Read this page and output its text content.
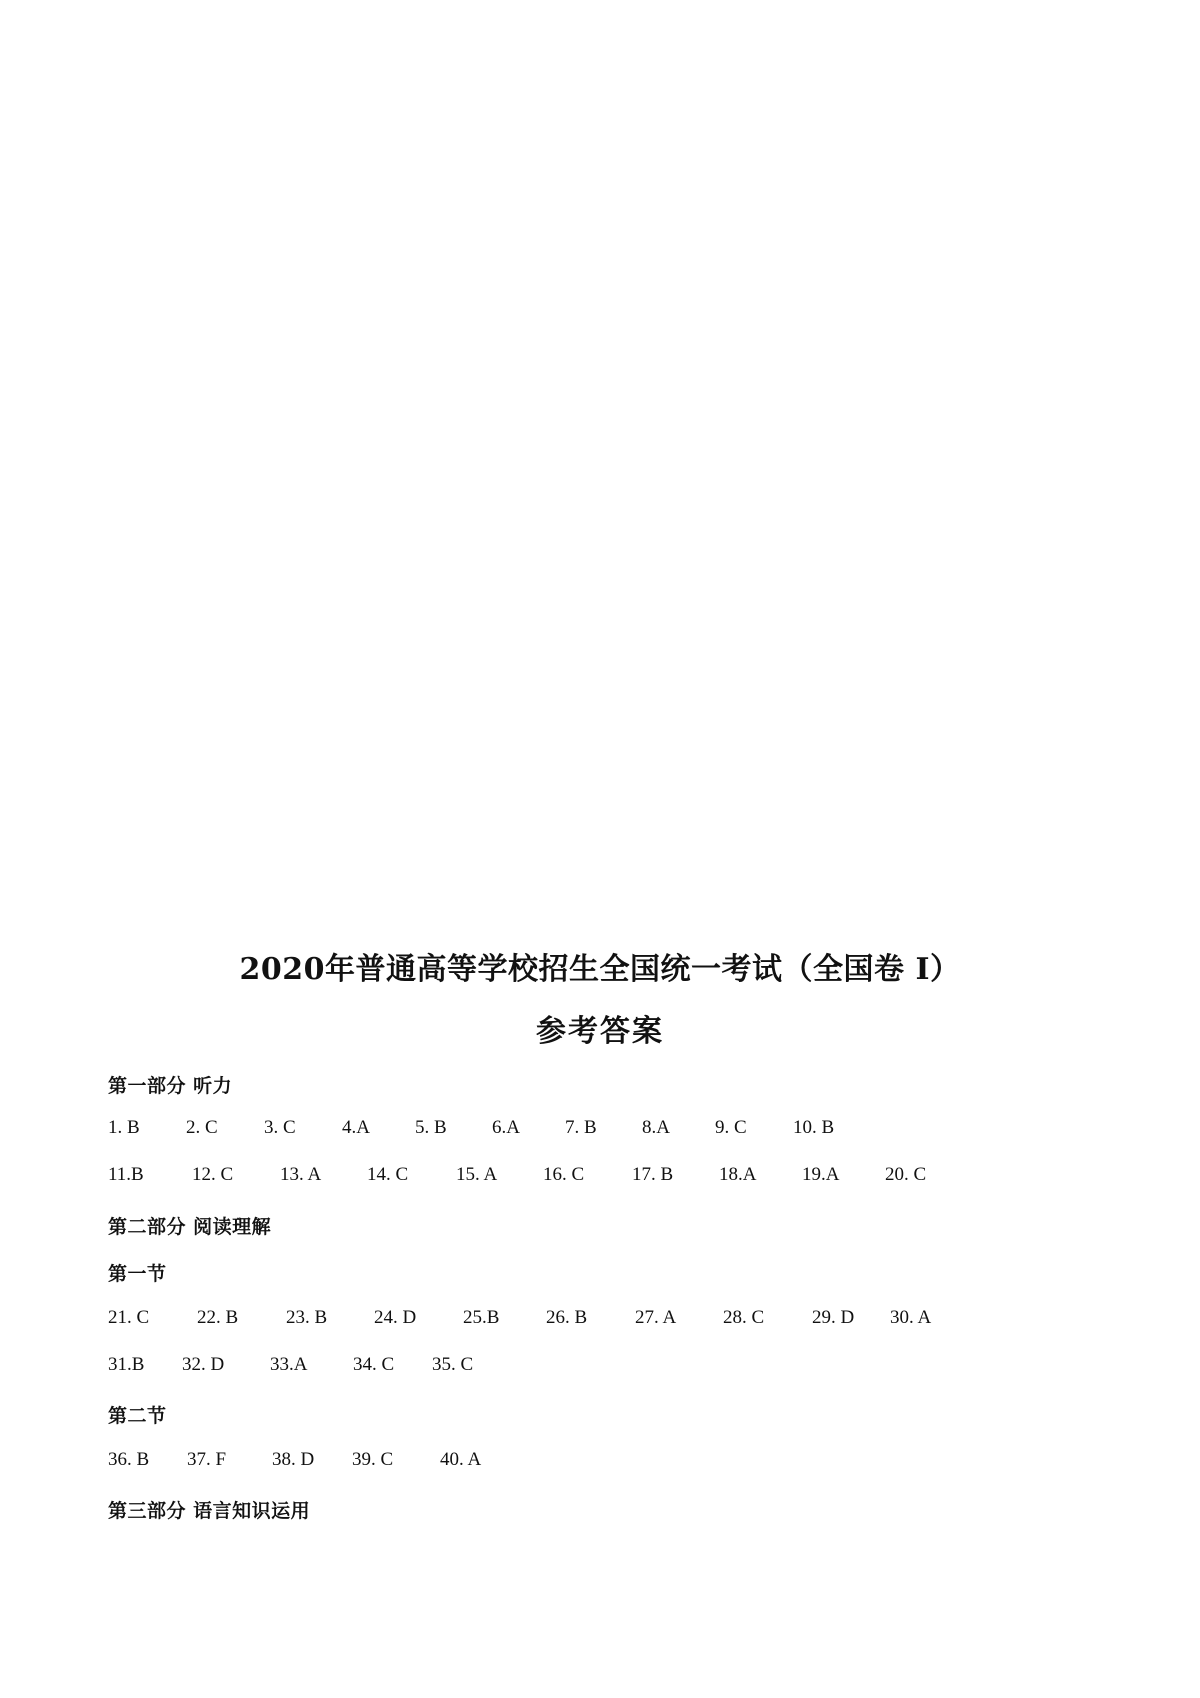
2020年普通高等学校招生全国统一考试（全国卷 I）
参考答案
第一部分 听力
1. B 2. C 3. C 4.A 5. B 6.A 7. B 8.A 9. C 10. B
11.B	12. C 13. A 14. C	15. A 16. C	17. B 18.A 19.A 20. C
第二部分 阅读理解
第一节
21. C	22. B	23. B 24. D 25.B 26. B	27. A 28. C	29. D 30. A
31.B 32. D 33.A 34. C 35. C
第二节
36. B 37. F 38. D 39. C 40. A
第三部分 语言知识运用
